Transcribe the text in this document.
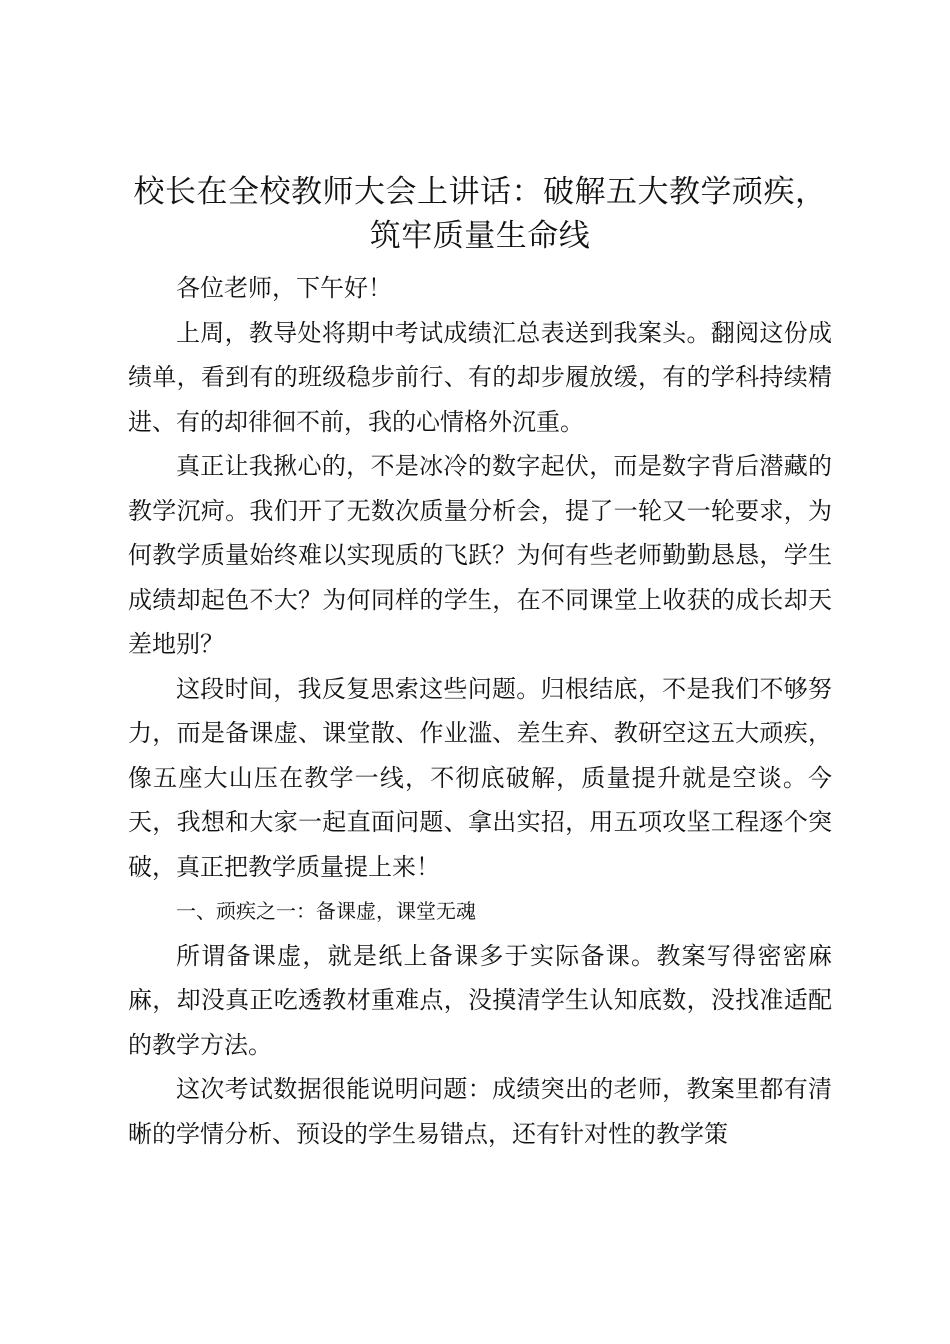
校长在全校教师大会上讲话：破解五大教学顽疾，筑牢质量生命线

各位老师，下午好！

上周，教导处将期中考试成绩汇总表送到我案头。翻阅这份成绩单，看到有的班级稳步前行、有的却步履放缓，有的学科持续精进、有的却徘徊不前，我的心情格外沉重。

真正让我揪心的，不是冰冷的数字起伏，而是数字背后潜藏的教学沉疴。我们开了无数次质量分析会，提了一轮又一轮要求，为何教学质量始终难以实现质的飞跃？为何有些老师勤勤恳恳，学生成绩却起色不大？为何同样的学生，在不同课堂上收获的成长却天差地别？

这段时间，我反复思索这些问题。归根结底，不是我们不够努力，而是备课虚、课堂散、作业滥、差生弃、教研空这五大顽疾，像五座大山压在教学一线，不彻底破解，质量提升就是空谈。今天，我想和大家一起直面问题、拿出实招，用五项攻坚工程逐个突破，真正把教学质量提上来！

一、顽疾之一：备课虚，课堂无魂

所谓备课虚，就是纸上备课多于实际备课。教案写得密密麻麻，却没真正吃透教材重难点，没摸清学生认知底数，没找准适配的教学方法。

这次考试数据很能说明问题：成绩突出的老师，教案里都有清晰的学情分析、预设的学生易错点，还有针对性的教学策
